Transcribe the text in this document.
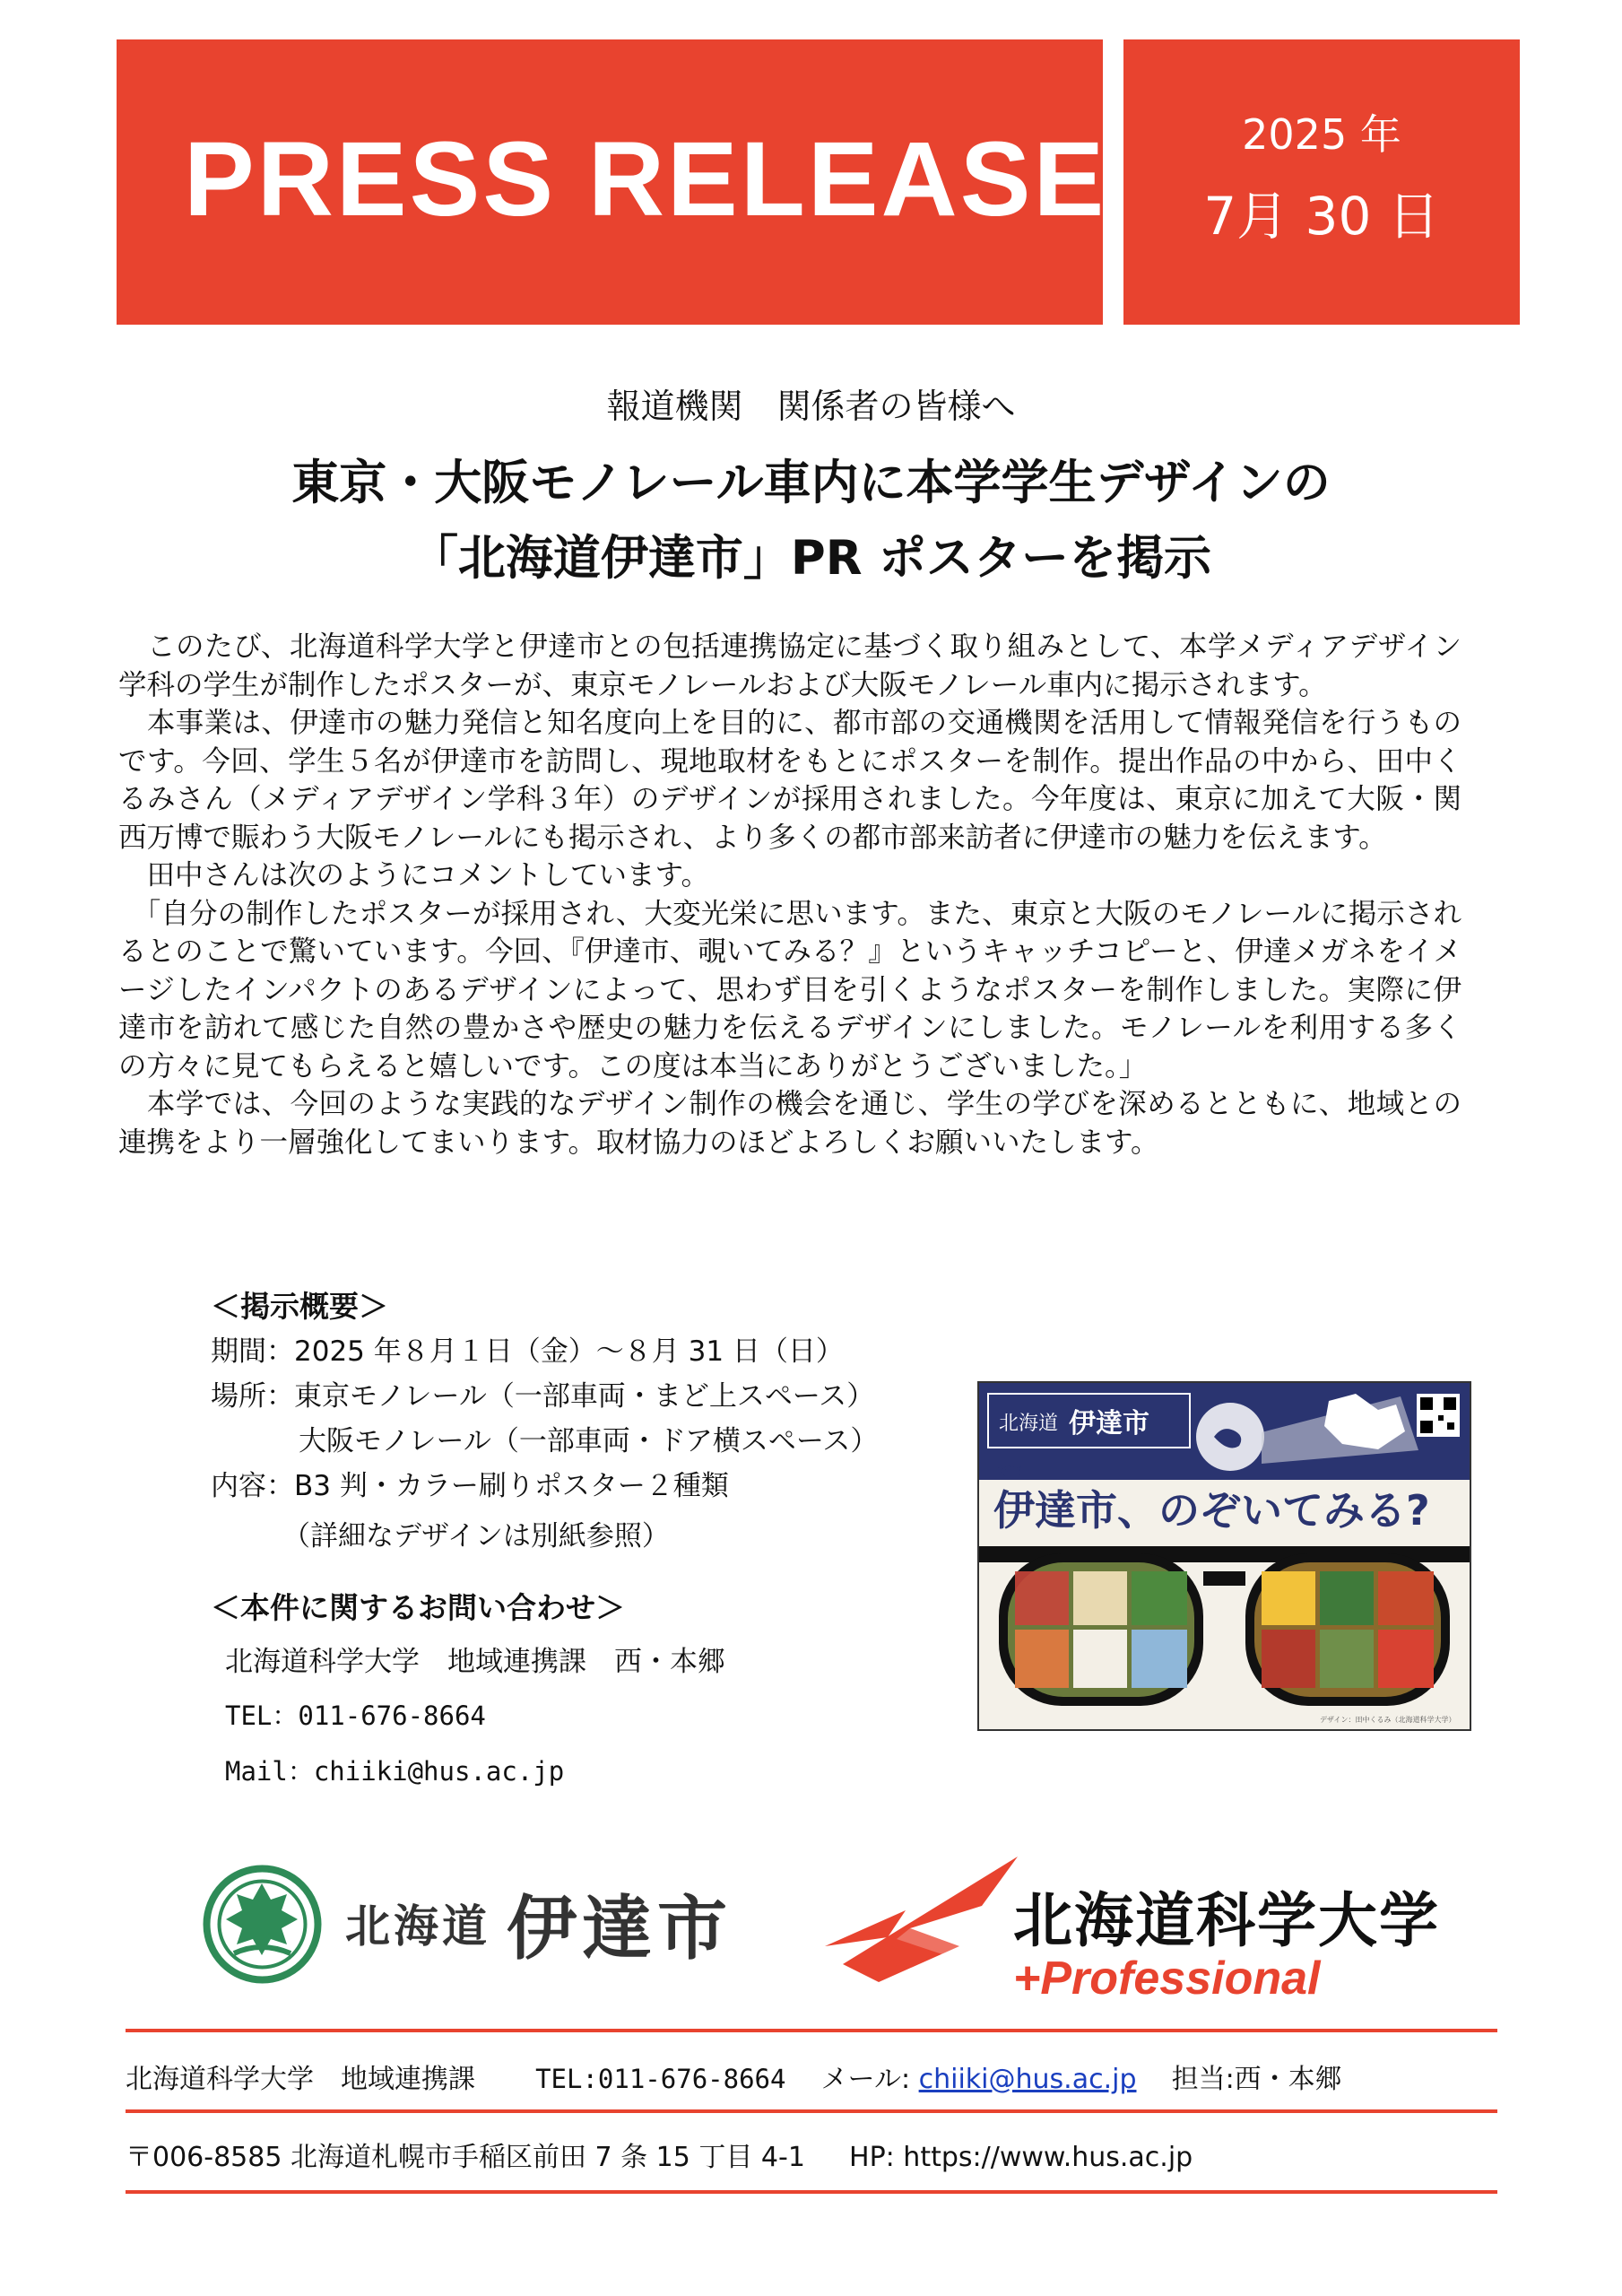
PRESS RELEASE	2025 年
7月 30 日
報道機関　関係者の皆様へ
東京・大阪モノレール車内に本学学生デザインの
「北海道伊達市」PR ポスターを掲示

　このたび、北海道科学大学と伊達市との包括連携協定に基づく取り組みとして、本学メディアデザイン学科の学生が制作したポスターが、東京モノレールおよび大阪モノレール車内に掲示されます。

　本事業は、伊達市の魅力発信と知名度向上を目的に、都市部の交通機関を活用して情報発信を行うものです。今回、学生５名が伊達市を訪問し、現地取材をもとにポスターを制作。提出作品の中から、田中くるみさん（メディアデザイン学科３年）のデザインが採用されました。今年度は、東京に加えて大阪・関西万博で賑わう大阪モノレールにも掲示され、より多くの都市部来訪者に伊達市の魅力を伝えます。

　田中さんは次のようにコメントしています。

　「自分の制作したポスターが採用され、大変光栄に思います。また、東京と大阪のモノレールに掲示されるとのことで驚いています。今回、『伊達市、覗いてみる？』というキャッチコピーと、伊達メガネをイメージしたインパクトのあるデザインによって、思わず目を引くようなポスターを制作しました。実際に伊達市を訪れて感じた自然の豊かさや歴史の魅力を伝えるデザインにしました。モノレールを利用する多くの方々に見てもらえると嬉しいです。この度は本当にありがとうございました。」

　本学では、今回のような実践的なデザイン制作の機会を通じ、学生の学びを深めるとともに、地域との連携をより一層強化してまいります。取材協力のほどよろしくお願いいたします。

＜掲示概要＞
期間：2025 年８月１日（金）～８月 31 日（日）
場所：東京モノレール（一部車両・まど上スペース）
大阪モノレール（一部車両・ドア横スペース）
内容：B3 判・カラー刷りポスター２種類
（詳細なデザインは別紙参照）
＜本件に関するお問い合わせ＞
北海道科学大学　地域連携課　西・本郷
TEL：011-676-8664
Mail：chiiki@hus.ac.jp
北海道 伊達市
だて
伊達市、のぞいてみる?
デザイン：田中くるみ（北海道科学大学）
北海道 伊達市	北海道科学大学
+Professional
北海道科学大学　地域連携課 TEL:011-676-8664 メール: chiiki@hus.ac.jp 担当:西・本郷
〒006-8585 北海道札幌市手稲区前田 7 条 15 丁目 4-1 HP: https://www.hus.ac.jp
